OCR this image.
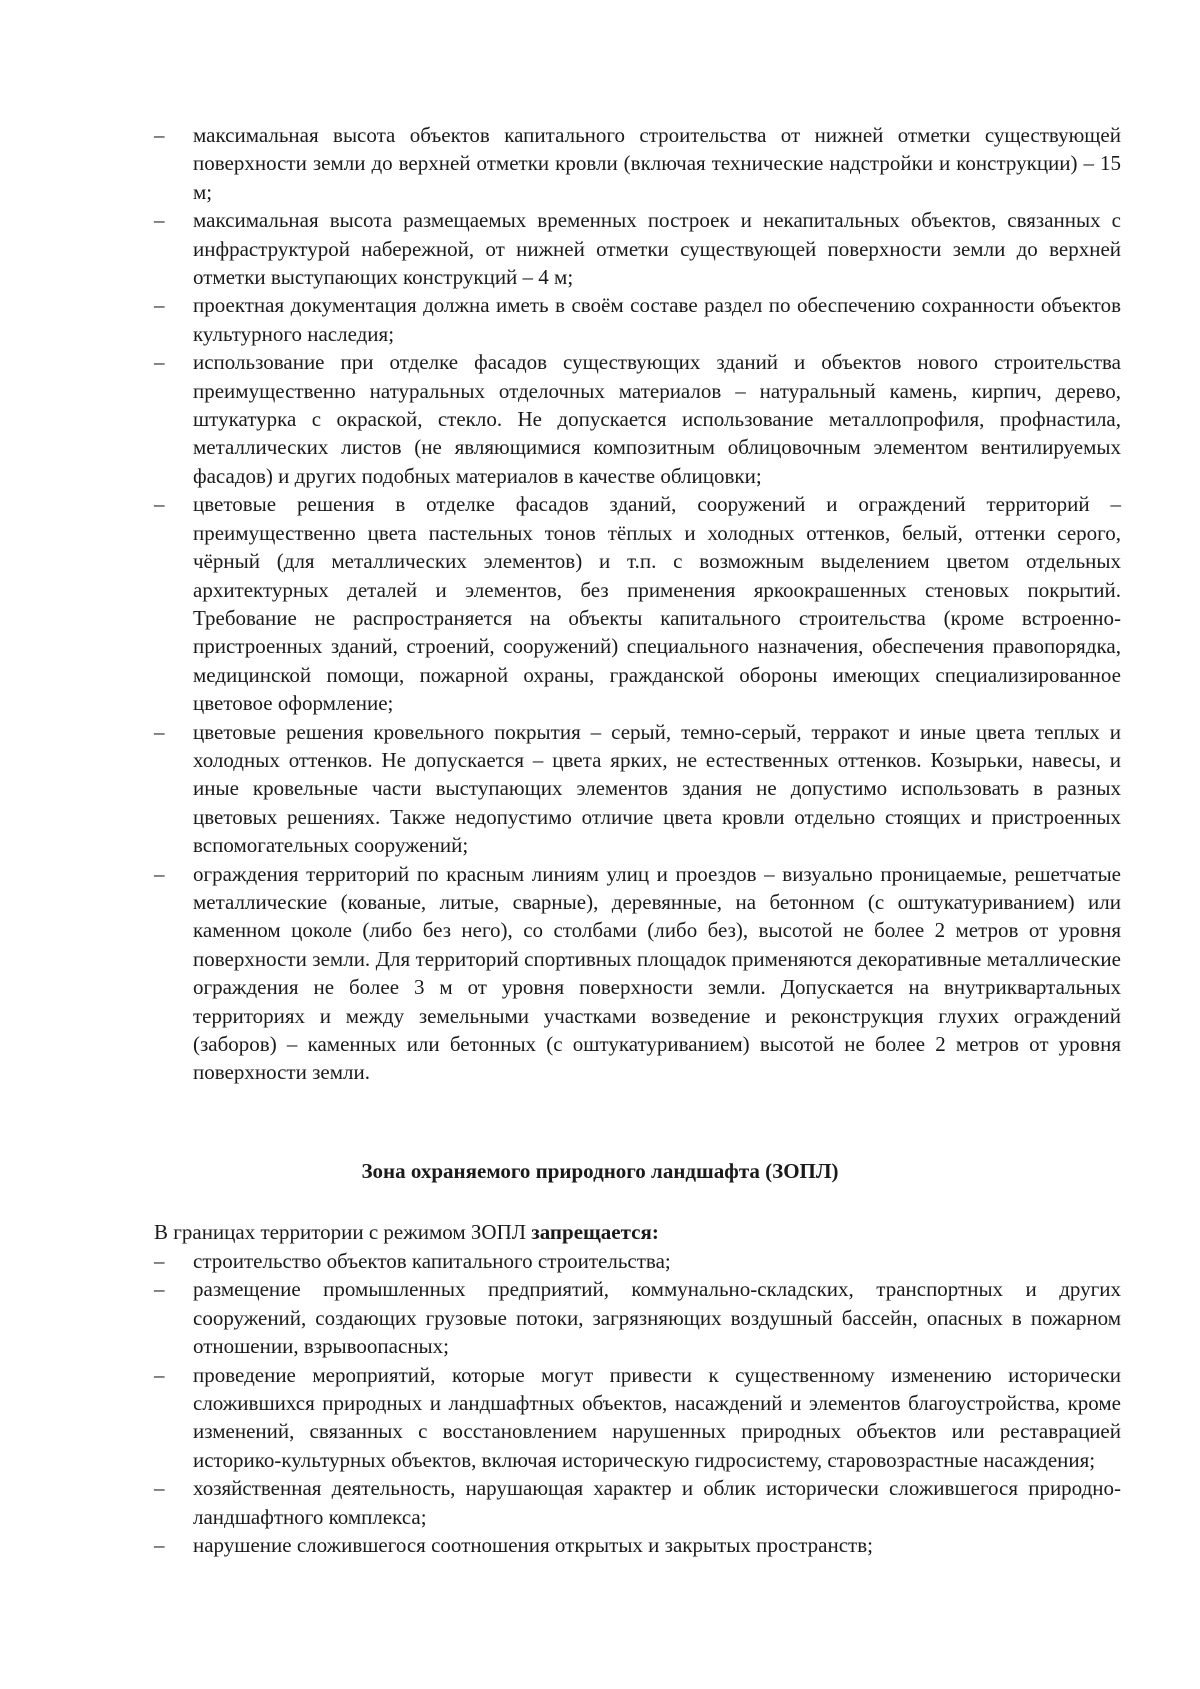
–	максимальная высота объектов капитального строительства от нижней отметки существующей поверхности земли до верхней отметки кровли (включая технические надстройки и конструкции) – 15 м;
–	максимальная высота размещаемых временных построек и некапитальных объектов, связанных с инфраструктурой набережной, от нижней отметки существующей поверхности земли до верхней отметки выступающих конструкций – 4 м;
–	проектная документация должна иметь в своём составе раздел по обеспечению сохранности объектов культурного наследия;
–	использование при отделке фасадов существующих зданий и объектов нового строительства преимущественно натуральных отделочных материалов – натуральный камень, кирпич, дерево, штукатурка с окраской, стекло. Не допускается использование металлопрофиля, профнастила, металлических листов (не являющимися композитным облицовочным элементом вентилируемых фасадов) и других подобных материалов в качестве облицовки;
–	цветовые решения в отделке фасадов зданий, сооружений и ограждений территорий – преимущественно цвета пастельных тонов тёплых и холодных оттенков, белый, оттенки серого, чёрный (для металлических элементов) и т.п. с возможным выделением цветом отдельных архитектурных деталей и элементов, без применения яркоокрашенных стеновых покрытий. Требование не распространяется на объекты капитального строительства (кроме встроенно-пристроенных зданий, строений, сооружений) специального назначения, обеспечения правопорядка, медицинской помощи, пожарной охраны, гражданской обороны имеющих специализированное цветовое оформление;
–	цветовые решения кровельного покрытия – серый, темно-серый, терракот и иные цвета теплых и холодных оттенков. Не допускается – цвета ярких, не естественных оттенков. Козырьки, навесы, и иные кровельные части выступающих элементов здания не допустимо использовать в разных цветовых решениях. Также недопустимо отличие цвета кровли отдельно стоящих и пристроенных вспомогательных сооружений;
–	ограждения территорий по красным линиям улиц и проездов – визуально проницаемые, решетчатые металлические (кованые, литые, сварные), деревянные, на бетонном (с оштукатуриванием) или каменном цоколе (либо без него), со столбами (либо без), высотой не более 2 метров от уровня поверхности земли. Для территорий спортивных площадок применяются декоративные металлические ограждения не более 3 м от уровня поверхности земли. Допускается на внутриквартальных территориях и между земельными участками возведение и реконструкция глухих ограждений (заборов) – каменных или бетонных (с оштукатуриванием) высотой не более 2 метров от уровня поверхности земли.
Зона охраняемого природного ландшафта (ЗОПЛ)

В границах территории с режимом ЗОПЛ запрещается:

–	строительство объектов капитального строительства;
–	размещение промышленных предприятий, коммунально-складских, транспортных и других сооружений, создающих грузовые потоки, загрязняющих воздушный бассейн, опасных в пожарном отношении, взрывоопасных;
–	проведение мероприятий, которые могут привести к существенному изменению исторически сложившихся природных и ландшафтных объектов, насаждений и элементов благоустройства, кроме изменений, связанных с восстановлением нарушенных природных объектов или реставрацией историко-культурных объектов, включая историческую гидросистему, старовозрастные насаждения;
–	хозяйственная деятельность, нарушающая характер и облик исторически сложившегося природно-ландшафтного комплекса;
–	нарушение сложившегося соотношения открытых и закрытых пространств;
